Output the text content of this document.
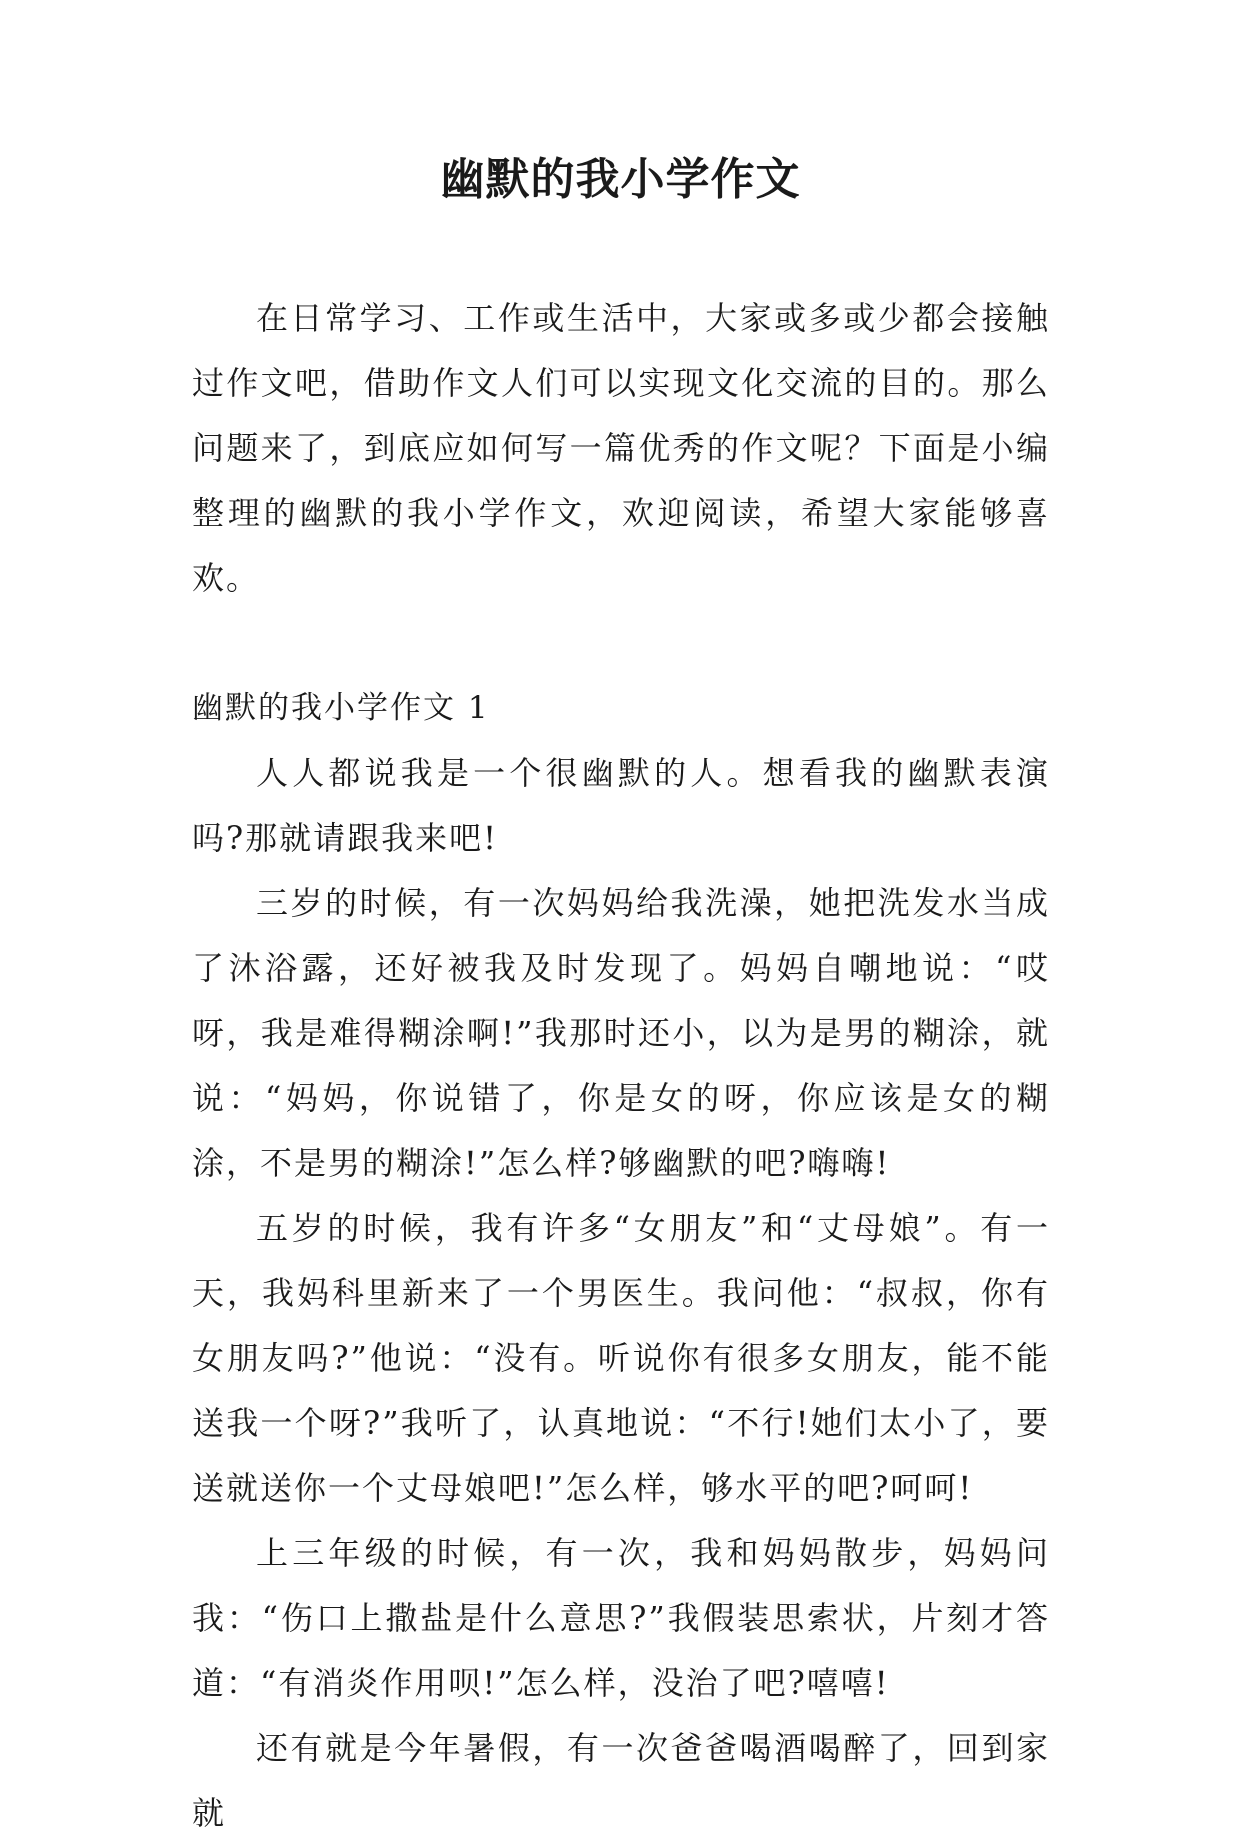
幽默的我小学作文

在日常学习、工作或生活中，大家或多或少都会接触过作文吧，借助作文人们可以实现文化交流的目的。那么问题来了，到底应如何写一篇优秀的作文呢？下面是小编整理的幽默的我小学作文，欢迎阅读，希望大家能够喜欢。

幽默的我小学作文 1

人人都说我是一个很幽默的人。想看我的幽默表演吗?那就请跟我来吧!

三岁的时候，有一次妈妈给我洗澡，她把洗发水当成了沐浴露，还好被我及时发现了。妈妈自嘲地说：“哎呀，我是难得糊涂啊!”我那时还小，以为是男的糊涂，就说：“妈妈，你说错了，你是女的呀，你应该是女的糊涂，不是男的糊涂!”怎么样?够幽默的吧?嗨嗨!

五岁的时候，我有许多“女朋友”和“丈母娘”。有一天，我妈科里新来了一个男医生。我问他：“叔叔，你有女朋友吗?”他说：“没有。听说你有很多女朋友，能不能送我一个呀?”我听了，认真地说：“不行!她们太小了，要送就送你一个丈母娘吧!”怎么样，够水平的吧?呵呵!

上三年级的时候，有一次，我和妈妈散步，妈妈问我：“伤口上撒盐是什么意思?”我假装思索状，片刻才答道：“有消炎作用呗!”怎么样，没治了吧?嘻嘻!

还有就是今年暑假，有一次爸爸喝酒喝醉了，回到家就
